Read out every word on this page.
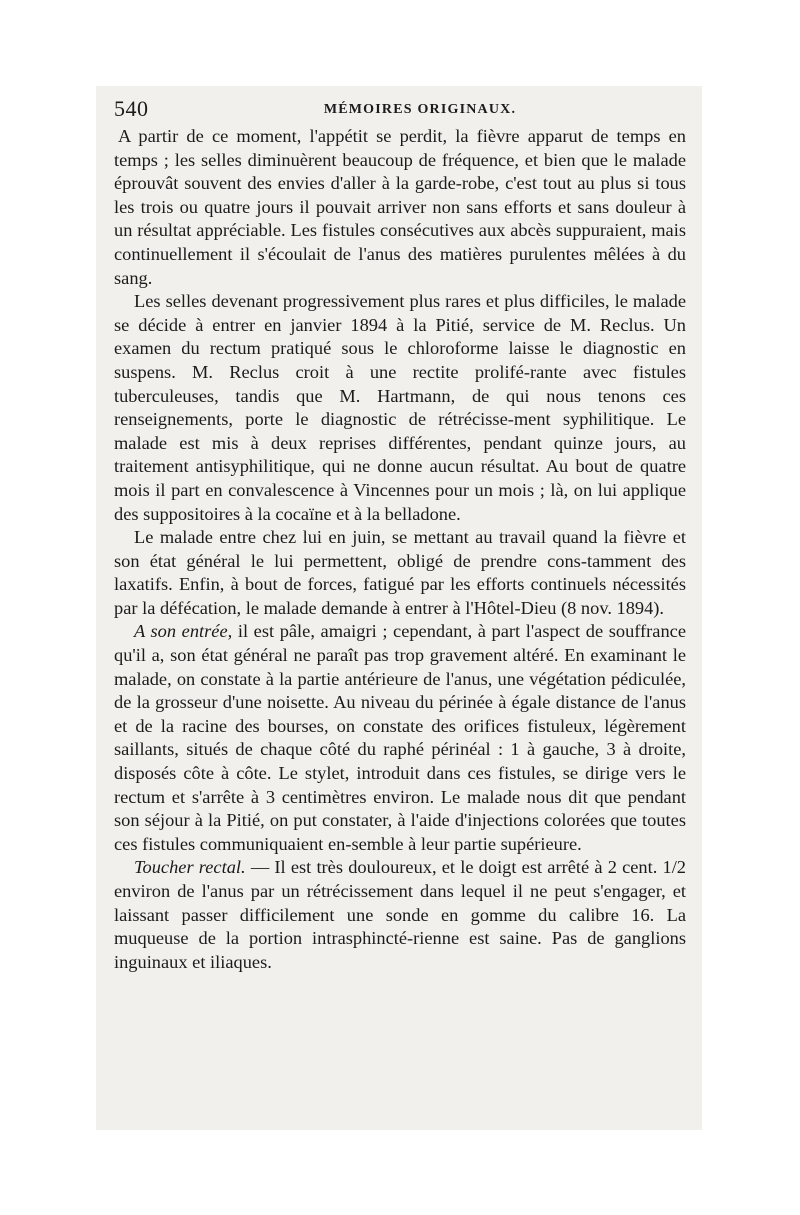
540	MÉMOIRES ORIGINAUX.

A partir de ce moment, l'appétit se perdit, la fièvre apparut de temps en temps ; les selles diminuèrent beaucoup de fréquence, et bien que le malade éprouvât souvent des envies d'aller à la garde-robe, c'est tout au plus si tous les trois ou quatre jours il pouvait arriver non sans efforts et sans douleur à un résultat appréciable. Les fistules consécutives aux abcès suppuraient, mais continuellement il s'écoulait de l'anus des matières purulentes mêlées à du sang.

Les selles devenant progressivement plus rares et plus difficiles, le malade se décide à entrer en janvier 1894 à la Pitié, service de M. Reclus. Un examen du rectum pratiqué sous le chloroforme laisse le diagnostic en suspens. M. Reclus croit à une rectite prolifé-rante avec fistules tuberculeuses, tandis que M. Hartmann, de qui nous tenons ces renseignements, porte le diagnostic de rétrécisse-ment syphilitique. Le malade est mis à deux reprises différentes, pendant quinze jours, au traitement antisyphilitique, qui ne donne aucun résultat. Au bout de quatre mois il part en convalescence à Vincennes pour un mois ; là, on lui applique des suppositoires à la cocaïne et à la belladone.

Le malade entre chez lui en juin, se mettant au travail quand la fièvre et son état général le lui permettent, obligé de prendre cons-tamment des laxatifs. Enfin, à bout de forces, fatigué par les efforts continuels nécessités par la défécation, le malade demande à entrer à l'Hôtel-Dieu (8 nov. 1894).

A son entrée, il est pâle, amaigri ; cependant, à part l'aspect de souffrance qu'il a, son état général ne paraît pas trop gravement altéré. En examinant le malade, on constate à la partie antérieure de l'anus, une végétation pédiculée, de la grosseur d'une noisette. Au niveau du périnée à égale distance de l'anus et de la racine des bourses, on constate des orifices fistuleux, légèrement saillants, situés de chaque côté du raphé périnéal : 1 à gauche, 3 à droite, disposés côte à côte. Le stylet, introduit dans ces fistules, se dirige vers le rectum et s'arrête à 3 centimètres environ. Le malade nous dit que pendant son séjour à la Pitié, on put constater, à l'aide d'injections colorées que toutes ces fistules communiquaient en-semble à leur partie supérieure.

Toucher rectal. — Il est très douloureux, et le doigt est arrêté à 2 cent. 1/2 environ de l'anus par un rétrécissement dans lequel il ne peut s'engager, et laissant passer difficilement une sonde en gomme du calibre 16. La muqueuse de la portion intrasphincté-rienne est saine. Pas de ganglions inguinaux et iliaques.
